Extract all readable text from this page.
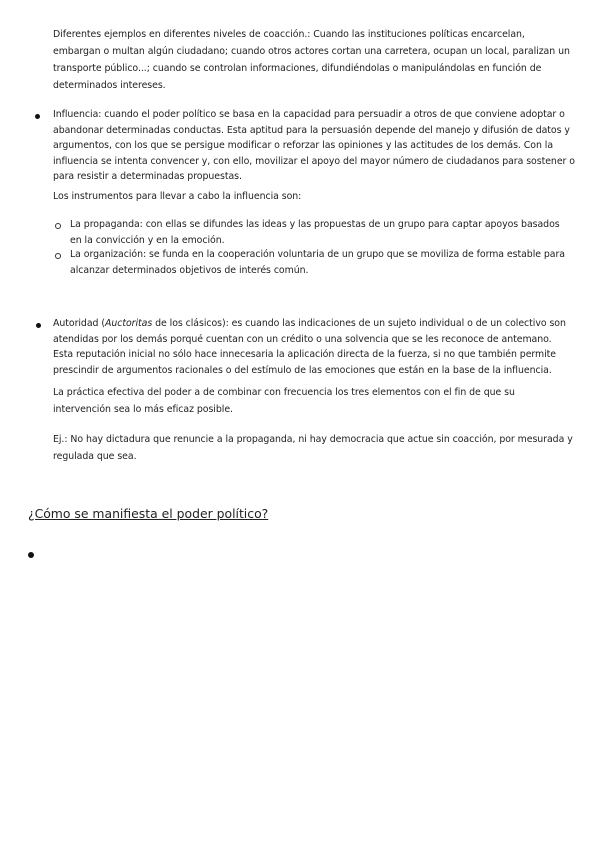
Diferentes ejemplos en diferentes niveles de coacción.: Cuando las instituciones políticas encarcelan, embargan o multan algún ciudadano; cuando otros actores cortan una carretera, ocupan un local, paralizan un transporte público...; cuando se controlan informaciones, difundiéndolas o manipulándolas en función de determinados intereses.

Influencia: cuando el poder político se basa en la capacidad para persuadir a otros de que conviene adoptar o abandonar determinadas conductas. Esta aptitud para la persuasión depende del manejo y difusión de datos y argumentos, con los que se persigue modificar o reforzar las opiniones y las actitudes de los demás. Con la influencia se intenta convencer y, con ello, movilizar el apoyo del mayor número de ciudadanos para sostener o para resistir a determinadas propuestas.

Los instrumentos para llevar a cabo la influencia son:

La propaganda: con ellas se difundes las ideas y las propuestas de un grupo para captar apoyos basados en la convicción y en la emoción.

La organización: se funda en la cooperación voluntaria de un grupo que se moviliza de forma estable para alcanzar determinados objetivos de interés común.

Autoridad (Auctoritas de los clásicos): es cuando las indicaciones de un sujeto individual o de un colectivo son atendidas por los demás porqué cuentan con un crédito o una solvencia que se les reconoce de antemano. Esta reputación inicial no sólo hace innecesaria la aplicación directa de la fuerza, si no que también permite prescindir de argumentos racionales o del estímulo de las emociones que están en la base de la influencia.

La práctica efectiva del poder a de combinar con frecuencia los tres elementos con el fin de que su intervención sea lo más eficaz posible.

Ej.: No hay dictadura que renuncie a la propaganda, ni hay democracia que actue sin coacción, por mesurada y regulada que sea.

¿Cómo se manifiesta el poder político?
